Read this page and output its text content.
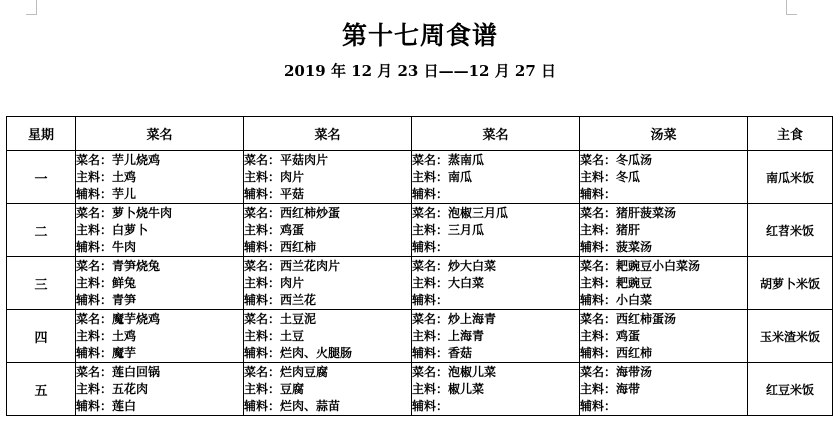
第十七周食谱
2019 年 12 月 23 日——12 月 27 日
星期	菜名	菜名	菜名	汤菜	主食
一	菜名：芋儿烧鸡
主料：土鸡
辅料：芋儿	菜名：平菇肉片
主料：肉片
辅料：平菇	菜名：蒸南瓜
主料：南瓜
辅料：	菜名：冬瓜汤
主料：冬瓜
辅料：	南瓜米饭
二	菜名：萝卜烧牛肉
主料：白萝卜
辅料：牛肉	菜名：西红柿炒蛋
主料：鸡蛋
辅料：西红柿	菜名：泡椒三月瓜
主料：三月瓜
辅料：	菜名：猪肝菠菜汤
主料：猪肝
辅料：菠菜汤	红苕米饭
三	菜名：青笋烧兔
主料：鲜兔
辅料：青笋	菜名：西兰花肉片
主料：肉片
辅料：西兰花	菜名：炒大白菜
主料：大白菜
辅料：	菜名：耙豌豆小白菜汤
主料：耙豌豆
辅料：小白菜	胡萝卜米饭
四	菜名：魔芋烧鸡
主料：土鸡
辅料：魔芋	菜名：土豆泥
主料：土豆
辅料：烂肉、火腿肠	菜名：炒上海青
主料：上海青
辅料：香菇	菜名：西红柿蛋汤
主料：鸡蛋
辅料：西红柿	玉米渣米饭
五	菜名：莲白回锅
主料：五花肉
辅料：莲白	菜名：烂肉豆腐
主料：豆腐
辅料：烂肉、蒜苗	菜名：泡椒儿菜
主料：椒儿菜
辅料：	菜名：海带汤
主料：海带
辅料：	红豆米饭
